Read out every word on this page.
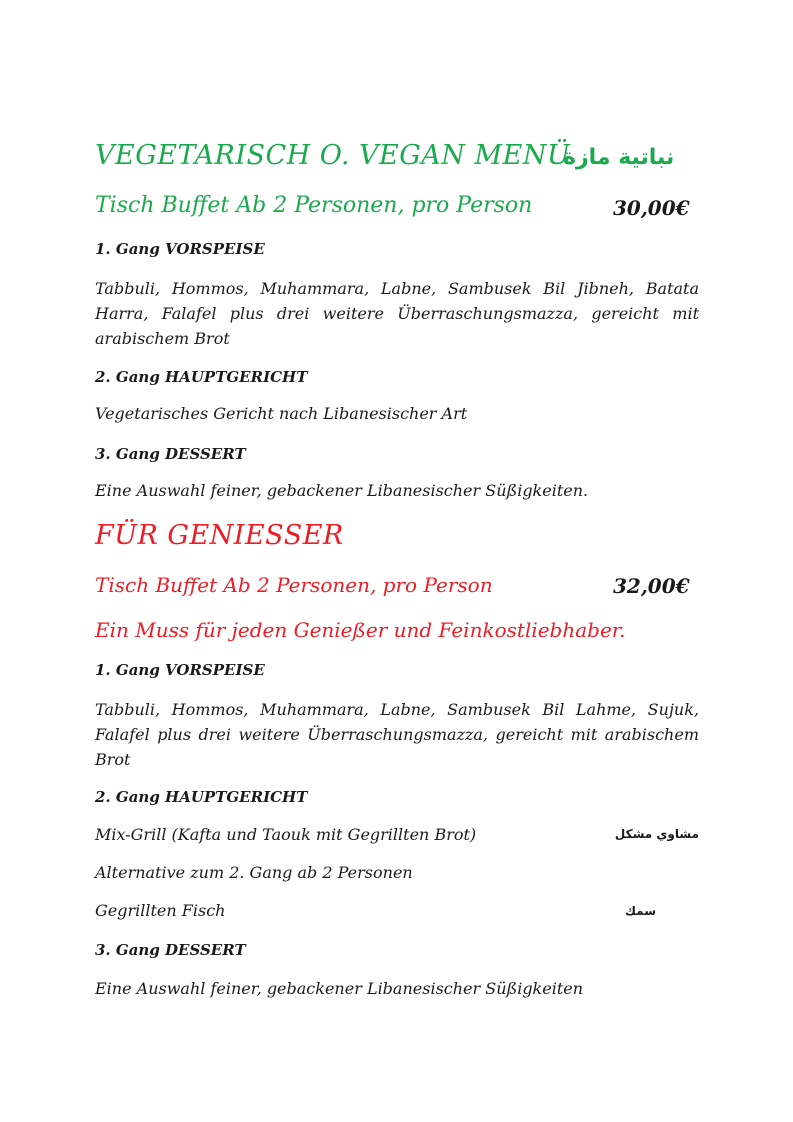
VEGETARISCH O. VEGAN MENÜ
نباتية مازة
Tisch Buffet Ab 2 Personen, pro Person	30,00€
1. Gang VORSPEISE
Tabbuli, Hommos, Muhammara, Labne, Sambusek Bil Jibneh, Batata Harra, Falafel plus drei weitere Überraschungsmazza, gereicht mit arabischem Brot
2. Gang HAUPTGERICHT
Vegetarisches Gericht nach Libanesischer Art
3. Gang DESSERT
Eine Auswahl feiner, gebackener Libanesischer Süßigkeiten.
FÜR GENIESSER
Tisch Buffet Ab 2 Personen, pro Person	32,00€
Ein Muss für jeden Genießer und Feinkostliebhaber.
1. Gang VORSPEISE
Tabbuli, Hommos, Muhammara, Labne, Sambusek Bil Lahme, Sujuk, Falafel plus drei weitere Überraschungsmazza, gereicht mit arabischem Brot
2. Gang HAUPTGERICHT
Mix-Grill (Kafta und Taouk mit Gegrillten Brot)	مشاوي مشكل
Alternative zum 2. Gang ab 2 Personen
Gegrillten Fisch	سمك
3. Gang DESSERT
Eine Auswahl feiner, gebackener Libanesischer Süßigkeiten
